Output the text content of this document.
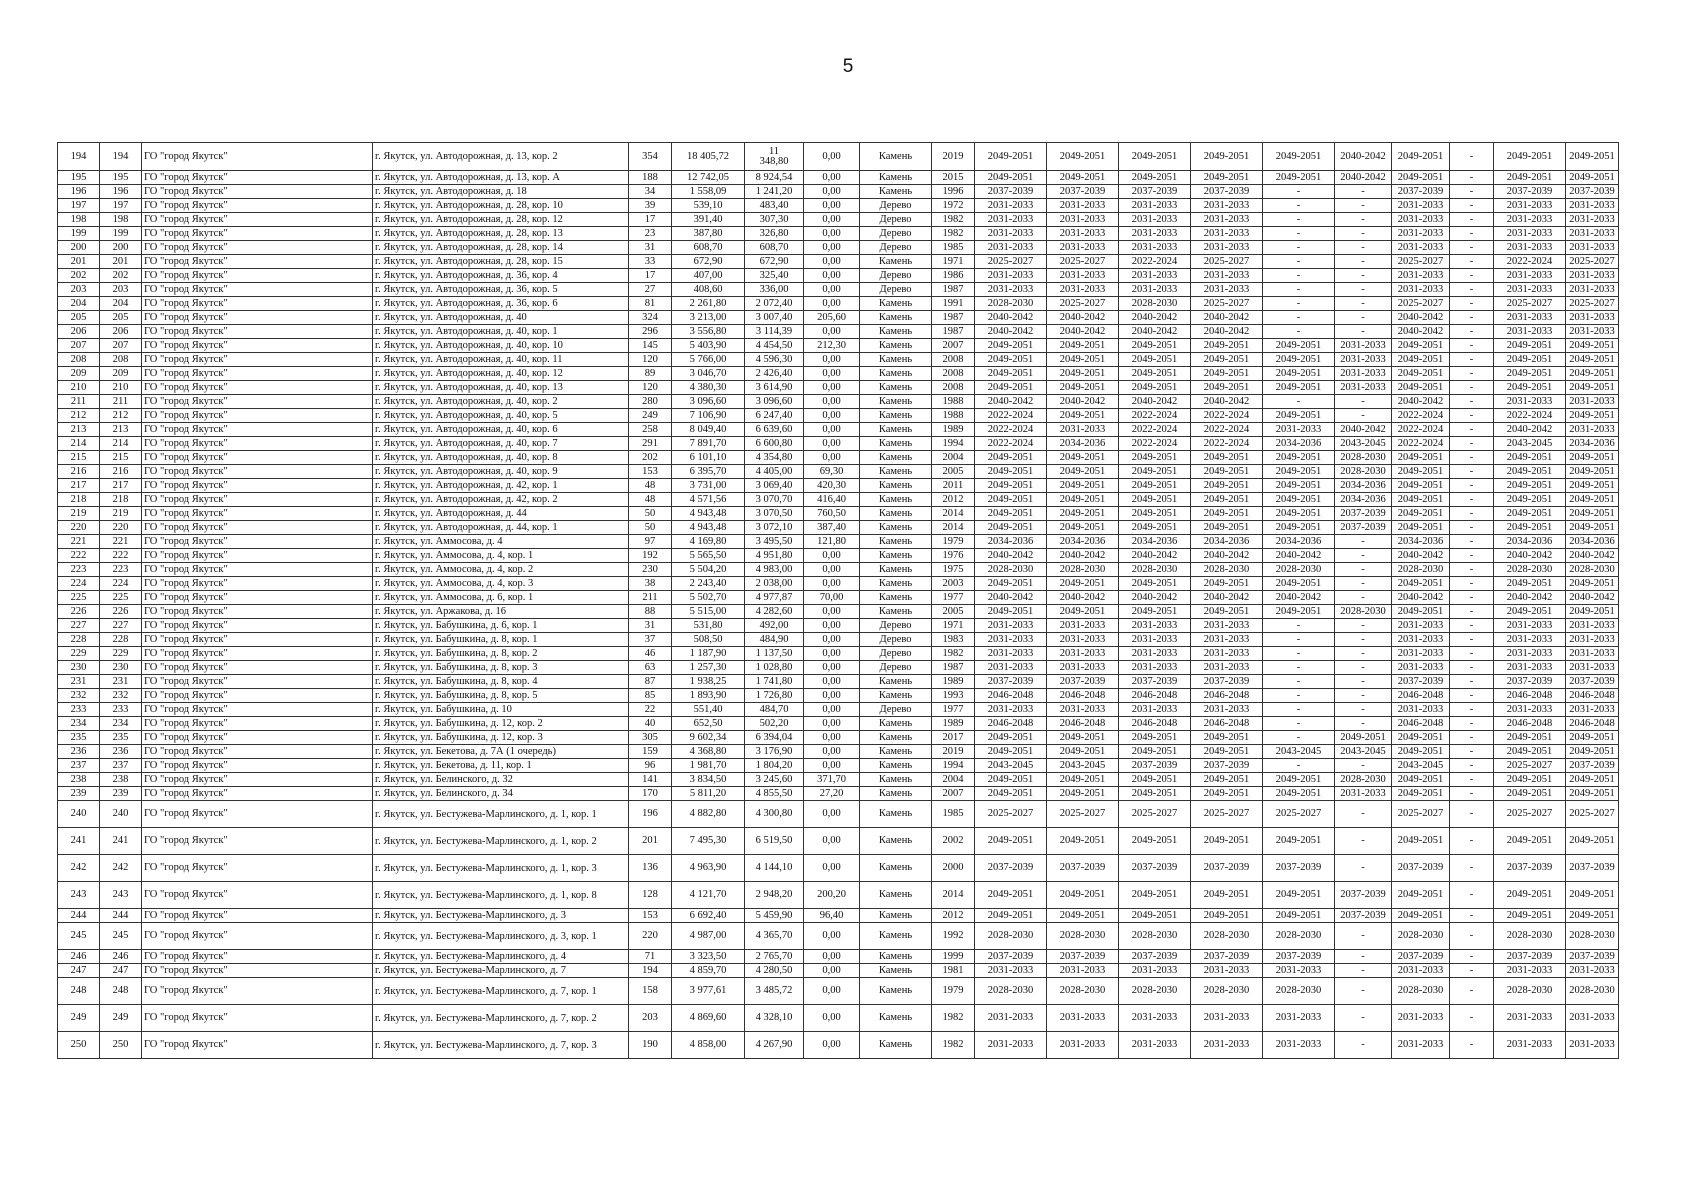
5
194	194	ГО "город Якутск"	г. Якутск, ул. Автодорожная, д. 13, кор. 2	354	18 405,72	11
348,80	0,00	Камень	2019	2049-2051	2049-2051	2049-2051	2049-2051	2049-2051	2040-2042	2049-2051	-	2049-2051	2049-2051
195	195	ГО "город Якутск"	г. Якутск, ул. Автодорожная, д. 13, кор. А	188	12 742,05	8 924,54	0,00	Камень	2015	2049-2051	2049-2051	2049-2051	2049-2051	2049-2051	2040-2042	2049-2051	-	2049-2051	2049-2051
196	196	ГО "город Якутск"	г. Якутск, ул. Автодорожная, д. 18	34	1 558,09	1 241,20	0,00	Камень	1996	2037-2039	2037-2039	2037-2039	2037-2039	-	-	2037-2039	-	2037-2039	2037-2039
197	197	ГО "город Якутск"	г. Якутск, ул. Автодорожная, д. 28, кор. 10	39	539,10	483,40	0,00	Дерево	1972	2031-2033	2031-2033	2031-2033	2031-2033	-	-	2031-2033	-	2031-2033	2031-2033
198	198	ГО "город Якутск"	г. Якутск, ул. Автодорожная, д. 28, кор. 12	17	391,40	307,30	0,00	Дерево	1982	2031-2033	2031-2033	2031-2033	2031-2033	-	-	2031-2033	-	2031-2033	2031-2033
199	199	ГО "город Якутск"	г. Якутск, ул. Автодорожная, д. 28, кор. 13	23	387,80	326,80	0,00	Дерево	1982	2031-2033	2031-2033	2031-2033	2031-2033	-	-	2031-2033	-	2031-2033	2031-2033
200	200	ГО "город Якутск"	г. Якутск, ул. Автодорожная, д. 28, кор. 14	31	608,70	608,70	0,00	Дерево	1985	2031-2033	2031-2033	2031-2033	2031-2033	-	-	2031-2033	-	2031-2033	2031-2033
201	201	ГО "город Якутск"	г. Якутск, ул. Автодорожная, д. 28, кор. 15	33	672,90	672,90	0,00	Камень	1971	2025-2027	2025-2027	2022-2024	2025-2027	-	-	2025-2027	-	2022-2024	2025-2027
202	202	ГО "город Якутск"	г. Якутск, ул. Автодорожная, д. 36, кор. 4	17	407,00	325,40	0,00	Дерево	1986	2031-2033	2031-2033	2031-2033	2031-2033	-	-	2031-2033	-	2031-2033	2031-2033
203	203	ГО "город Якутск"	г. Якутск, ул. Автодорожная, д. 36, кор. 5	27	408,60	336,00	0,00	Дерево	1987	2031-2033	2031-2033	2031-2033	2031-2033	-	-	2031-2033	-	2031-2033	2031-2033
204	204	ГО "город Якутск"	г. Якутск, ул. Автодорожная, д. 36, кор. 6	81	2 261,80	2 072,40	0,00	Камень	1991	2028-2030	2025-2027	2028-2030	2025-2027	-	-	2025-2027	-	2025-2027	2025-2027
205	205	ГО "город Якутск"	г. Якутск, ул. Автодорожная, д. 40	324	3 213,00	3 007,40	205,60	Камень	1987	2040-2042	2040-2042	2040-2042	2040-2042	-	-	2040-2042	-	2031-2033	2031-2033
206	206	ГО "город Якутск"	г. Якутск, ул. Автодорожная, д. 40, кор. 1	296	3 556,80	3 114,39	0,00	Камень	1987	2040-2042	2040-2042	2040-2042	2040-2042	-	-	2040-2042	-	2031-2033	2031-2033
207	207	ГО "город Якутск"	г. Якутск, ул. Автодорожная, д. 40, кор. 10	145	5 403,90	4 454,50	212,30	Камень	2007	2049-2051	2049-2051	2049-2051	2049-2051	2049-2051	2031-2033	2049-2051	-	2049-2051	2049-2051
208	208	ГО "город Якутск"	г. Якутск, ул. Автодорожная, д. 40, кор. 11	120	5 766,00	4 596,30	0,00	Камень	2008	2049-2051	2049-2051	2049-2051	2049-2051	2049-2051	2031-2033	2049-2051	-	2049-2051	2049-2051
209	209	ГО "город Якутск"	г. Якутск, ул. Автодорожная, д. 40, кор. 12	89	3 046,70	2 426,40	0,00	Камень	2008	2049-2051	2049-2051	2049-2051	2049-2051	2049-2051	2031-2033	2049-2051	-	2049-2051	2049-2051
210	210	ГО "город Якутск"	г. Якутск, ул. Автодорожная, д. 40, кор. 13	120	4 380,30	3 614,90	0,00	Камень	2008	2049-2051	2049-2051	2049-2051	2049-2051	2049-2051	2031-2033	2049-2051	-	2049-2051	2049-2051
211	211	ГО "город Якутск"	г. Якутск, ул. Автодорожная, д. 40, кор. 2	280	3 096,60	3 096,60	0,00	Камень	1988	2040-2042	2040-2042	2040-2042	2040-2042	-	-	2040-2042	-	2031-2033	2031-2033
212	212	ГО "город Якутск"	г. Якутск, ул. Автодорожная, д. 40, кор. 5	249	7 106,90	6 247,40	0,00	Камень	1988	2022-2024	2049-2051	2022-2024	2022-2024	2049-2051	-	2022-2024	-	2022-2024	2049-2051
213	213	ГО "город Якутск"	г. Якутск, ул. Автодорожная, д. 40, кор. 6	258	8 049,40	6 639,60	0,00	Камень	1989	2022-2024	2031-2033	2022-2024	2022-2024	2031-2033	2040-2042	2022-2024	-	2040-2042	2031-2033
214	214	ГО "город Якутск"	г. Якутск, ул. Автодорожная, д. 40, кор. 7	291	7 891,70	6 600,80	0,00	Камень	1994	2022-2024	2034-2036	2022-2024	2022-2024	2034-2036	2043-2045	2022-2024	-	2043-2045	2034-2036
215	215	ГО "город Якутск"	г. Якутск, ул. Автодорожная, д. 40, кор. 8	202	6 101,10	4 354,80	0,00	Камень	2004	2049-2051	2049-2051	2049-2051	2049-2051	2049-2051	2028-2030	2049-2051	-	2049-2051	2049-2051
216	216	ГО "город Якутск"	г. Якутск, ул. Автодорожная, д. 40, кор. 9	153	6 395,70	4 405,00	69,30	Камень	2005	2049-2051	2049-2051	2049-2051	2049-2051	2049-2051	2028-2030	2049-2051	-	2049-2051	2049-2051
217	217	ГО "город Якутск"	г. Якутск, ул. Автодорожная, д. 42, кор. 1	48	3 731,00	3 069,40	420,30	Камень	2011	2049-2051	2049-2051	2049-2051	2049-2051	2049-2051	2034-2036	2049-2051	-	2049-2051	2049-2051
218	218	ГО "город Якутск"	г. Якутск, ул. Автодорожная, д. 42, кор. 2	48	4 571,56	3 070,70	416,40	Камень	2012	2049-2051	2049-2051	2049-2051	2049-2051	2049-2051	2034-2036	2049-2051	-	2049-2051	2049-2051
219	219	ГО "город Якутск"	г. Якутск, ул. Автодорожная, д. 44	50	4 943,48	3 070,50	760,50	Камень	2014	2049-2051	2049-2051	2049-2051	2049-2051	2049-2051	2037-2039	2049-2051	-	2049-2051	2049-2051
220	220	ГО "город Якутск"	г. Якутск, ул. Автодорожная, д. 44, кор. 1	50	4 943,48	3 072,10	387,40	Камень	2014	2049-2051	2049-2051	2049-2051	2049-2051	2049-2051	2037-2039	2049-2051	-	2049-2051	2049-2051
221	221	ГО "город Якутск"	г. Якутск, ул. Аммосова, д. 4	97	4 169,80	3 495,50	121,80	Камень	1979	2034-2036	2034-2036	2034-2036	2034-2036	2034-2036	-	2034-2036	-	2034-2036	2034-2036
222	222	ГО "город Якутск"	г. Якутск, ул. Аммосова, д. 4, кор. 1	192	5 565,50	4 951,80	0,00	Камень	1976	2040-2042	2040-2042	2040-2042	2040-2042	2040-2042	-	2040-2042	-	2040-2042	2040-2042
223	223	ГО "город Якутск"	г. Якутск, ул. Аммосова, д. 4, кор. 2	230	5 504,20	4 983,00	0,00	Камень	1975	2028-2030	2028-2030	2028-2030	2028-2030	2028-2030	-	2028-2030	-	2028-2030	2028-2030
224	224	ГО "город Якутск"	г. Якутск, ул. Аммосова, д. 4, кор. 3	38	2 243,40	2 038,00	0,00	Камень	2003	2049-2051	2049-2051	2049-2051	2049-2051	2049-2051	-	2049-2051	-	2049-2051	2049-2051
225	225	ГО "город Якутск"	г. Якутск, ул. Аммосова, д. 6, кор. 1	211	5 502,70	4 977,87	70,00	Камень	1977	2040-2042	2040-2042	2040-2042	2040-2042	2040-2042	-	2040-2042	-	2040-2042	2040-2042
226	226	ГО "город Якутск"	г. Якутск, ул. Аржакова, д. 16	88	5 515,00	4 282,60	0,00	Камень	2005	2049-2051	2049-2051	2049-2051	2049-2051	2049-2051	2028-2030	2049-2051	-	2049-2051	2049-2051
227	227	ГО "город Якутск"	г. Якутск, ул. Бабушкина, д. 6, кор. 1	31	531,80	492,00	0,00	Дерево	1971	2031-2033	2031-2033	2031-2033	2031-2033	-	-	2031-2033	-	2031-2033	2031-2033
228	228	ГО "город Якутск"	г. Якутск, ул. Бабушкина, д. 8, кор. 1	37	508,50	484,90	0,00	Дерево	1983	2031-2033	2031-2033	2031-2033	2031-2033	-	-	2031-2033	-	2031-2033	2031-2033
229	229	ГО "город Якутск"	г. Якутск, ул. Бабушкина, д. 8, кор. 2	46	1 187,90	1 137,50	0,00	Дерево	1982	2031-2033	2031-2033	2031-2033	2031-2033	-	-	2031-2033	-	2031-2033	2031-2033
230	230	ГО "город Якутск"	г. Якутск, ул. Бабушкина, д. 8, кор. 3	63	1 257,30	1 028,80	0,00	Дерево	1987	2031-2033	2031-2033	2031-2033	2031-2033	-	-	2031-2033	-	2031-2033	2031-2033
231	231	ГО "город Якутск"	г. Якутск, ул. Бабушкина, д. 8, кор. 4	87	1 938,25	1 741,80	0,00	Камень	1989	2037-2039	2037-2039	2037-2039	2037-2039	-	-	2037-2039	-	2037-2039	2037-2039
232	232	ГО "город Якутск"	г. Якутск, ул. Бабушкина, д. 8, кор. 5	85	1 893,90	1 726,80	0,00	Камень	1993	2046-2048	2046-2048	2046-2048	2046-2048	-	-	2046-2048	-	2046-2048	2046-2048
233	233	ГО "город Якутск"	г. Якутск, ул. Бабушкина, д. 10	22	551,40	484,70	0,00	Дерево	1977	2031-2033	2031-2033	2031-2033	2031-2033	-	-	2031-2033	-	2031-2033	2031-2033
234	234	ГО "город Якутск"	г. Якутск, ул. Бабушкина, д. 12, кор. 2	40	652,50	502,20	0,00	Камень	1989	2046-2048	2046-2048	2046-2048	2046-2048	-	-	2046-2048	-	2046-2048	2046-2048
235	235	ГО "город Якутск"	г. Якутск, ул. Бабушкина, д. 12, кор. 3	305	9 602,34	6 394,04	0,00	Камень	2017	2049-2051	2049-2051	2049-2051	2049-2051	-	2049-2051	2049-2051	-	2049-2051	2049-2051
236	236	ГО "город Якутск"	г. Якутск, ул. Бекетова, д. 7А (1 очередь)	159	4 368,80	3 176,90	0,00	Камень	2019	2049-2051	2049-2051	2049-2051	2049-2051	2043-2045	2043-2045	2049-2051	-	2049-2051	2049-2051
237	237	ГО "город Якутск"	г. Якутск, ул. Бекетова, д. 11, кор. 1	96	1 981,70	1 804,20	0,00	Камень	1994	2043-2045	2043-2045	2037-2039	2037-2039	-	-	2043-2045	-	2025-2027	2037-2039
238	238	ГО "город Якутск"	г. Якутск, ул. Белинского, д. 32	141	3 834,50	3 245,60	371,70	Камень	2004	2049-2051	2049-2051	2049-2051	2049-2051	2049-2051	2028-2030	2049-2051	-	2049-2051	2049-2051
239	239	ГО "город Якутск"	г. Якутск, ул. Белинского, д. 34	170	5 811,20	4 855,50	27,20	Камень	2007	2049-2051	2049-2051	2049-2051	2049-2051	2049-2051	2031-2033	2049-2051	-	2049-2051	2049-2051
240	240	ГО "город Якутск"	г. Якутск, ул. Бестужева-Марлинского, д. 1, кор. 1	196	4 882,80	4 300,80	0,00	Камень	1985	2025-2027	2025-2027	2025-2027	2025-2027	2025-2027	-	2025-2027	-	2025-2027	2025-2027
241	241	ГО "город Якутск"	г. Якутск, ул. Бестужева-Марлинского, д. 1, кор. 2	201	7 495,30	6 519,50	0,00	Камень	2002	2049-2051	2049-2051	2049-2051	2049-2051	2049-2051	-	2049-2051	-	2049-2051	2049-2051
242	242	ГО "город Якутск"	г. Якутск, ул. Бестужева-Марлинского, д. 1, кор. 3	136	4 963,90	4 144,10	0,00	Камень	2000	2037-2039	2037-2039	2037-2039	2037-2039	2037-2039	-	2037-2039	-	2037-2039	2037-2039
243	243	ГО "город Якутск"	г. Якутск, ул. Бестужева-Марлинского, д. 1, кор. 8	128	4 121,70	2 948,20	200,20	Камень	2014	2049-2051	2049-2051	2049-2051	2049-2051	2049-2051	2037-2039	2049-2051	-	2049-2051	2049-2051
244	244	ГО "город Якутск"	г. Якутск, ул. Бестужева-Марлинского, д. 3	153	6 692,40	5 459,90	96,40	Камень	2012	2049-2051	2049-2051	2049-2051	2049-2051	2049-2051	2037-2039	2049-2051	-	2049-2051	2049-2051
245	245	ГО "город Якутск"	г. Якутск, ул. Бестужева-Марлинского, д. 3, кор. 1	220	4 987,00	4 365,70	0,00	Камень	1992	2028-2030	2028-2030	2028-2030	2028-2030	2028-2030	-	2028-2030	-	2028-2030	2028-2030
246	246	ГО "город Якутск"	г. Якутск, ул. Бестужева-Марлинского, д. 4	71	3 323,50	2 765,70	0,00	Камень	1999	2037-2039	2037-2039	2037-2039	2037-2039	2037-2039	-	2037-2039	-	2037-2039	2037-2039
247	247	ГО "город Якутск"	г. Якутск, ул. Бестужева-Марлинского, д. 7	194	4 859,70	4 280,50	0,00	Камень	1981	2031-2033	2031-2033	2031-2033	2031-2033	2031-2033	-	2031-2033	-	2031-2033	2031-2033
248	248	ГО "город Якутск"	г. Якутск, ул. Бестужева-Марлинского, д. 7, кор. 1	158	3 977,61	3 485,72	0,00	Камень	1979	2028-2030	2028-2030	2028-2030	2028-2030	2028-2030	-	2028-2030	-	2028-2030	2028-2030
249	249	ГО "город Якутск"	г. Якутск, ул. Бестужева-Марлинского, д. 7, кор. 2	203	4 869,60	4 328,10	0,00	Камень	1982	2031-2033	2031-2033	2031-2033	2031-2033	2031-2033	-	2031-2033	-	2031-2033	2031-2033
250	250	ГО "город Якутск"	г. Якутск, ул. Бестужева-Марлинского, д. 7, кор. 3	190	4 858,00	4 267,90	0,00	Камень	1982	2031-2033	2031-2033	2031-2033	2031-2033	2031-2033	-	2031-2033	-	2031-2033	2031-2033
